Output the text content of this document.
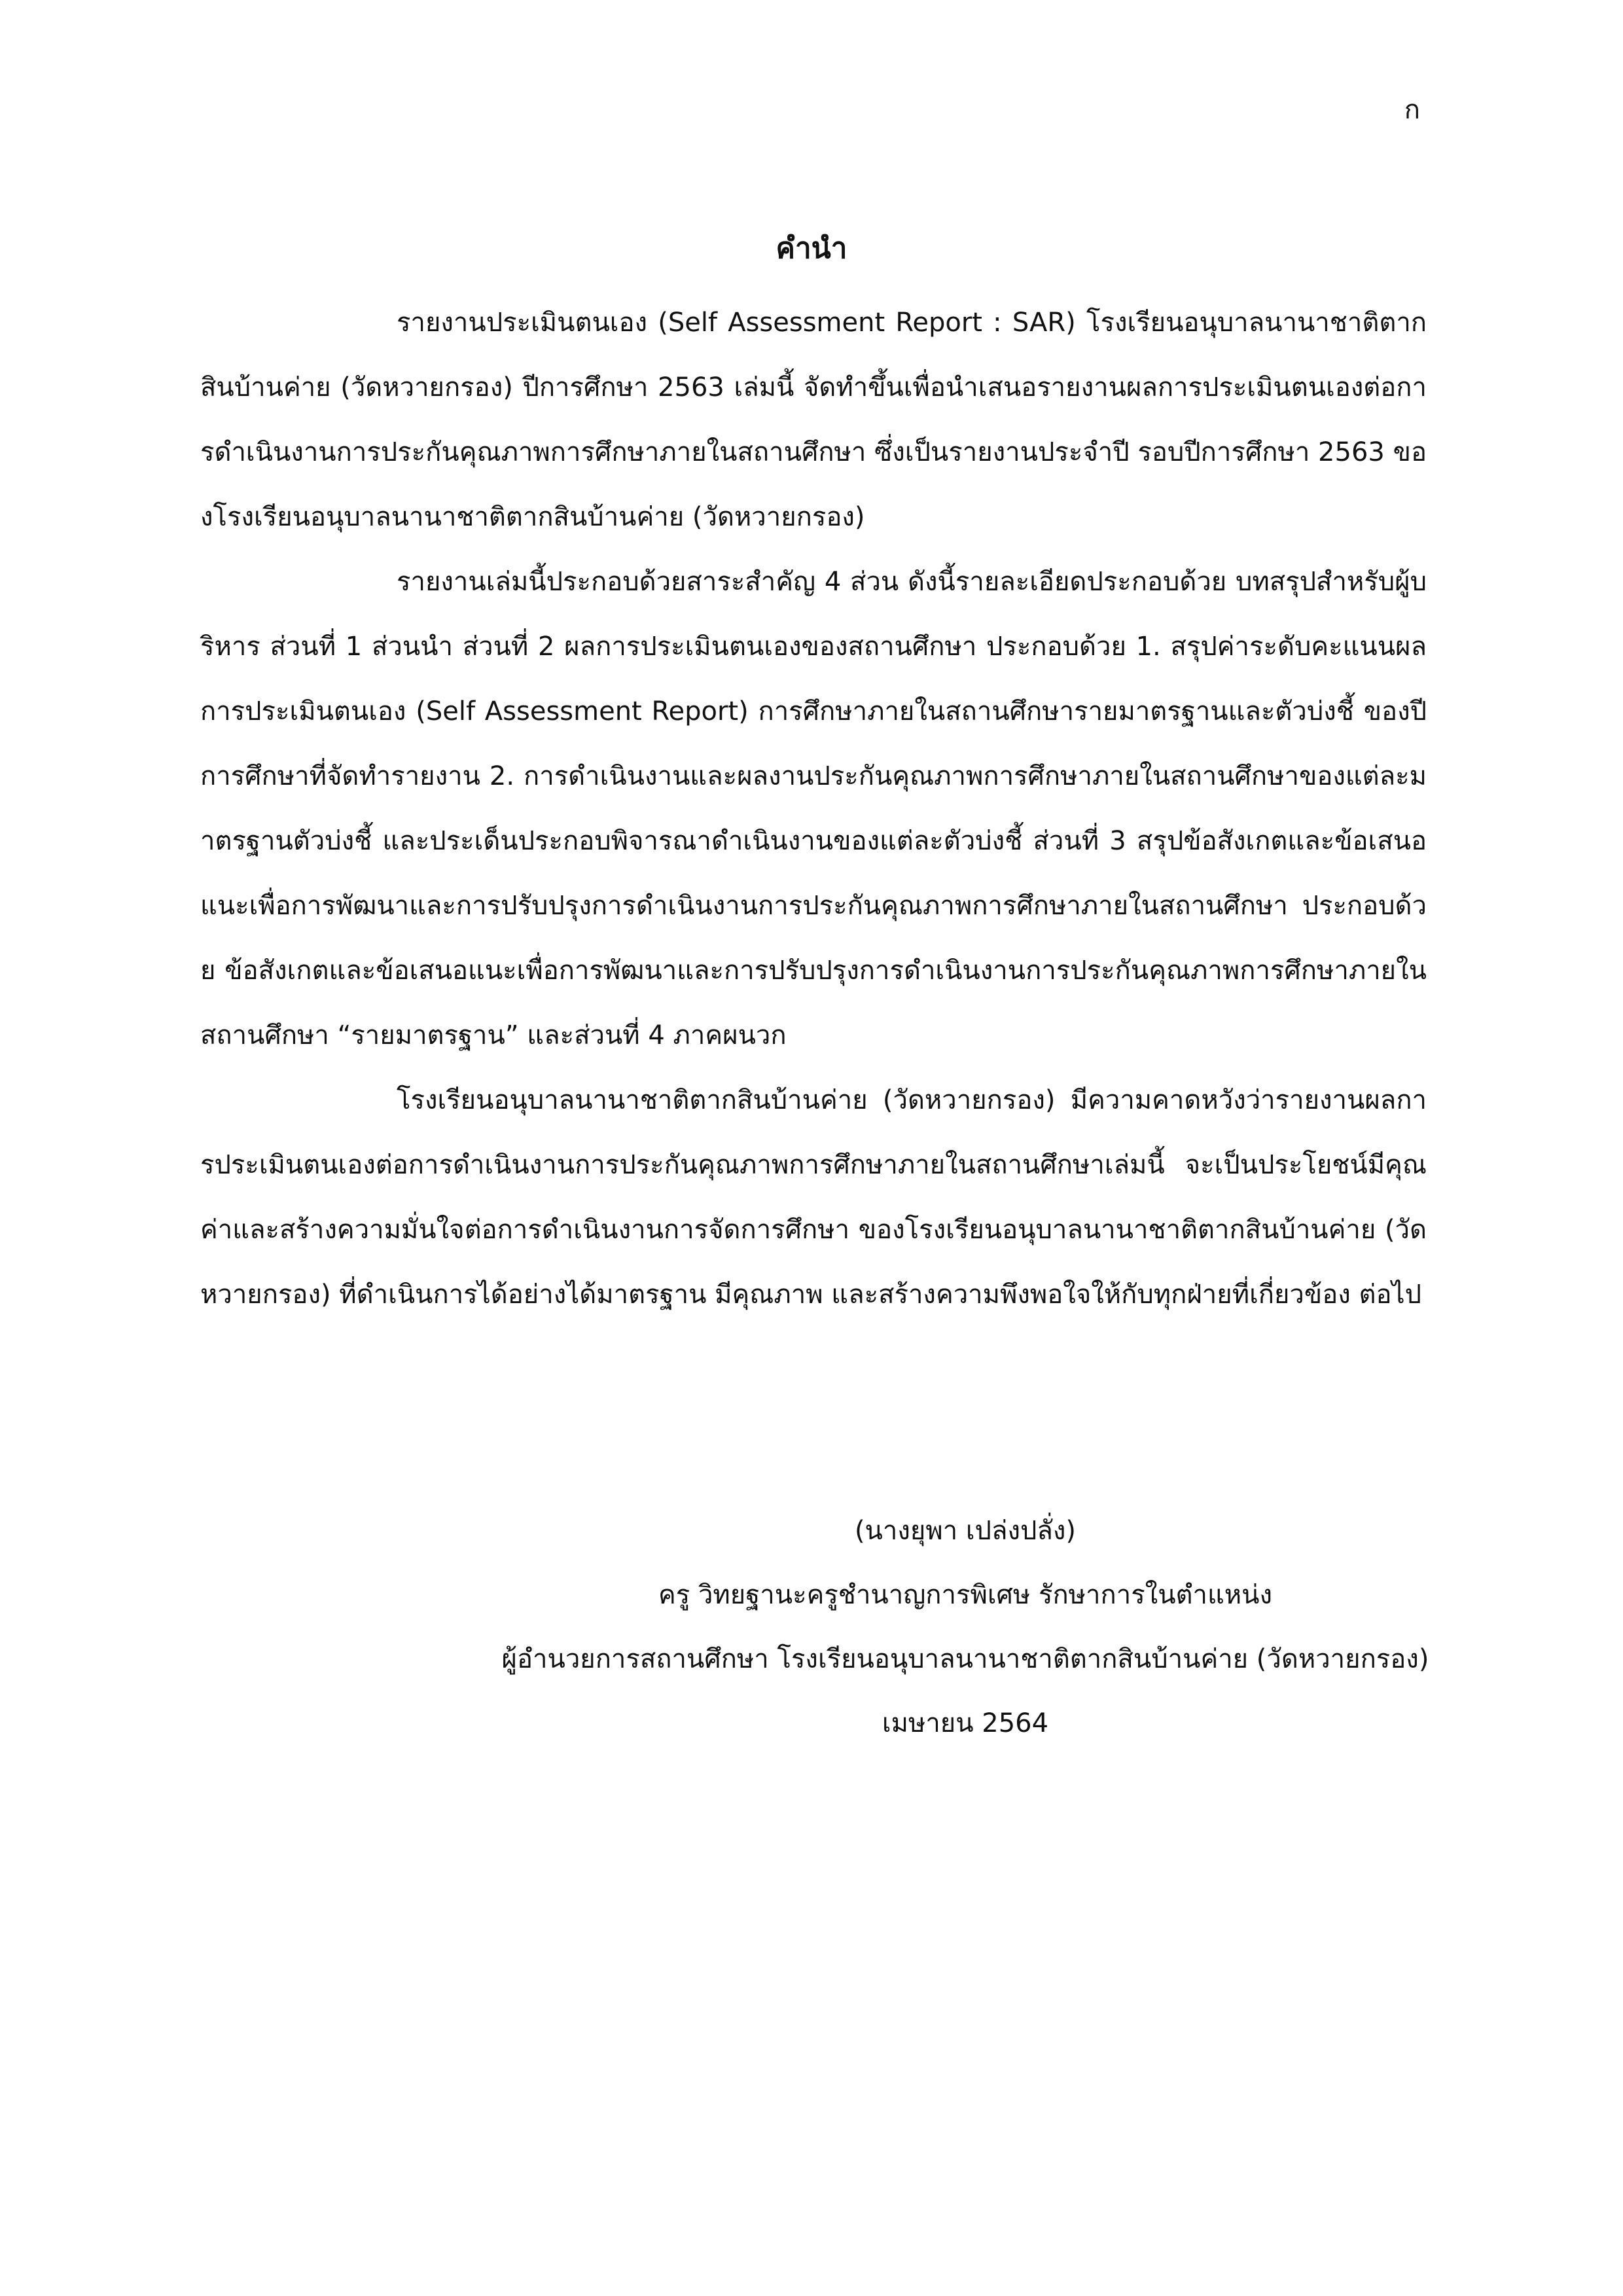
ก
คำนำ

รายงานประเมินตนเอง (Self Assessment Report : SAR) โรงเรียนอนุบาลนานาชาติตากสินบ้านค่าย (วัดหวายกรอง) ปีการศึกษา 2563 เล่มนี้ จัดทำขึ้นเพื่อนำเสนอรายงานผลการประเมินตนเองต่อการดำเนินงานการประกันคุณภาพการศึกษาภายในสถานศึกษา ซึ่งเป็นรายงานประจำปี รอบปีการศึกษา 2563 ของโรงเรียนอนุบาลนานาชาติตากสินบ้านค่าย (วัดหวายกรอง)

รายงานเล่มนี้ประกอบด้วยสาระสำคัญ 4 ส่วน ดังนี้รายละเอียดประกอบด้วย บทสรุปสำหรับผู้บริหาร ส่วนที่ 1 ส่วนนำ ส่วนที่ 2 ผลการประเมินตนเองของสถานศึกษา ประกอบด้วย 1. สรุปค่าระดับคะแนนผลการประเมินตนเอง (Self Assessment Report) การศึกษาภายในสถานศึกษารายมาตรฐานและตัวบ่งชี้ ของปีการศึกษาที่จัดทำรายงาน 2. การดำเนินงานและผลงานประกันคุณภาพการศึกษาภายในสถานศึกษาของแต่ละมาตรฐานตัวบ่งชี้ และประเด็นประกอบพิจารณาดำเนินงานของแต่ละตัวบ่งชี้ ส่วนที่ 3 สรุปข้อสังเกตและข้อเสนอแนะเพื่อการพัฒนาและการปรับปรุงการดำเนินงานการประกันคุณภาพการศึกษาภายในสถานศึกษา ประกอบด้วย ข้อสังเกตและข้อเสนอแนะเพื่อการพัฒนาและการปรับปรุงการดำเนินงานการประกันคุณภาพการศึกษาภายในสถานศึกษา “รายมาตรฐาน” และส่วนที่ 4 ภาคผนวก

โรงเรียนอนุบาลนานาชาติตากสินบ้านค่าย (วัดหวายกรอง) มีความคาดหวังว่ารายงานผลการประเมินตนเองต่อการดำเนินงานการประกันคุณภาพการศึกษาภายในสถานศึกษาเล่มนี้ จะเป็นประโยชน์มีคุณค่าและสร้างความมั่นใจต่อการดำเนินงานการจัดการศึกษา ของโรงเรียนอนุบาลนานาชาติตากสินบ้านค่าย (วัดหวายกรอง) ที่ดำเนินการได้อย่างได้มาตรฐาน มีคุณภาพ และสร้างความพึงพอใจให้กับทุกฝ่ายที่เกี่ยวข้อง ต่อไป

(นางยุพา เปล่งปลั่ง)
ครู วิทยฐานะครูชำนาญการพิเศษ รักษาการในตำแหน่ง
ผู้อำนวยการสถานศึกษา โรงเรียนอนุบาลนานาชาติตากสินบ้านค่าย (วัดหวายกรอง)
เมษายน 2564
